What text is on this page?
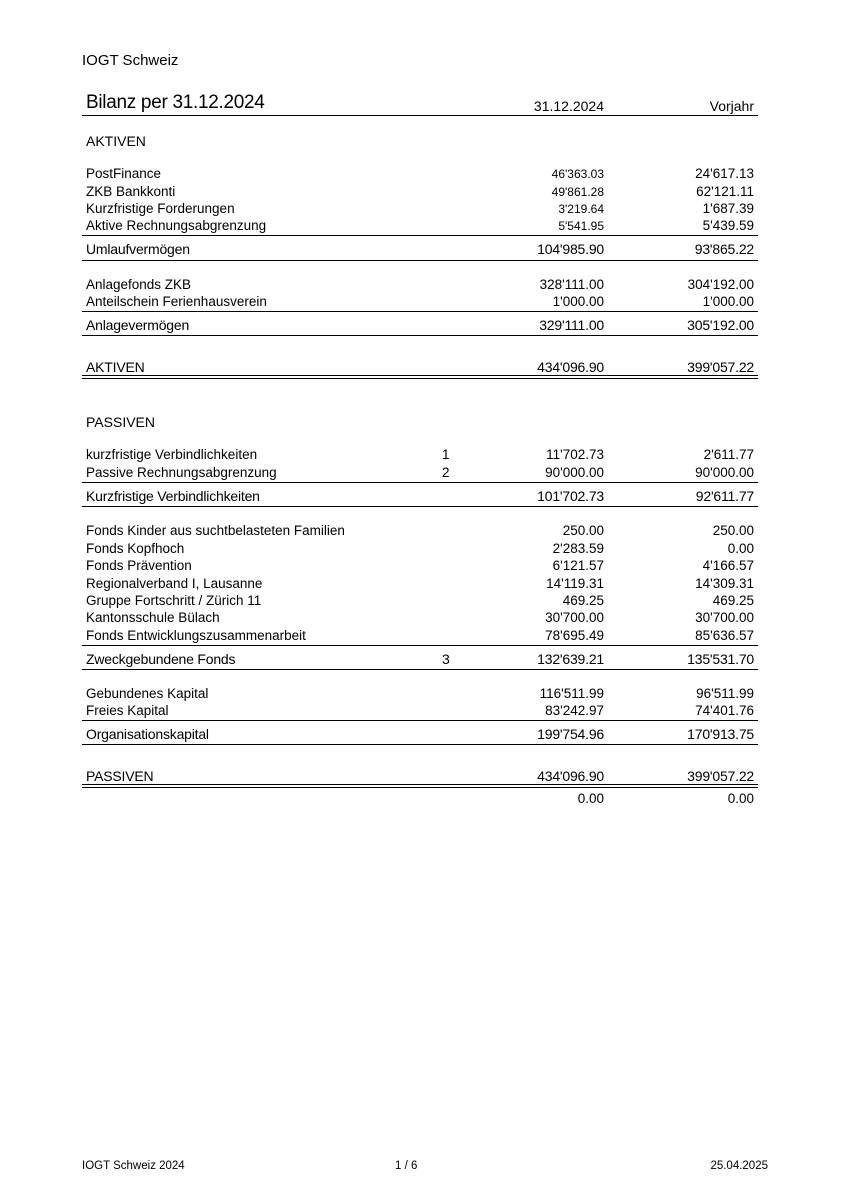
IOGT Schweiz
Bilanz per 31.12.2024	31.12.2024	Vorjahr
AKTIVEN
PostFinance	46'363.03	24'617.13
ZKB Bankkonti	49'861.28	62'121.11
Kurzfristige Forderungen	3'219.64	1'687.39
Aktive Rechnungsabgrenzung	5'541.95	5'439.59
Umlaufvermögen	104'985.90	93'865.22
Anlagefonds ZKB	328'111.00	304'192.00
Anteilschein Ferienhausverein	1'000.00	1'000.00
Anlagevermögen	329'111.00	305'192.00
AKTIVEN	434'096.90	399'057.22
PASSIVEN
kurzfristige Verbindlichkeiten	1	11'702.73	2'611.77
Passive Rechnungsabgrenzung	2	90'000.00	90'000.00
Kurzfristige Verbindlichkeiten	101'702.73	92'611.77
Fonds Kinder aus suchtbelasteten Familien	250.00	250.00
Fonds Kopfhoch	2'283.59	0.00
Fonds Prävention	6'121.57	4'166.57
Regionalverband I, Lausanne	14'119.31	14'309.31
Gruppe Fortschritt / Zürich 11	469.25	469.25
Kantonsschule Bülach	30'700.00	30'700.00
Fonds Entwicklungszusammenarbeit	78'695.49	85'636.57
Zweckgebundene Fonds	3	132'639.21	135'531.70
Gebundenes Kapital	116'511.99	96'511.99
Freies Kapital	83'242.97	74'401.76
Organisationskapital	199'754.96	170'913.75
PASSIVEN	434'096.90	399'057.22
0.00	0.00
IOGT Schweiz 2024	1 / 6	25.04.2025
